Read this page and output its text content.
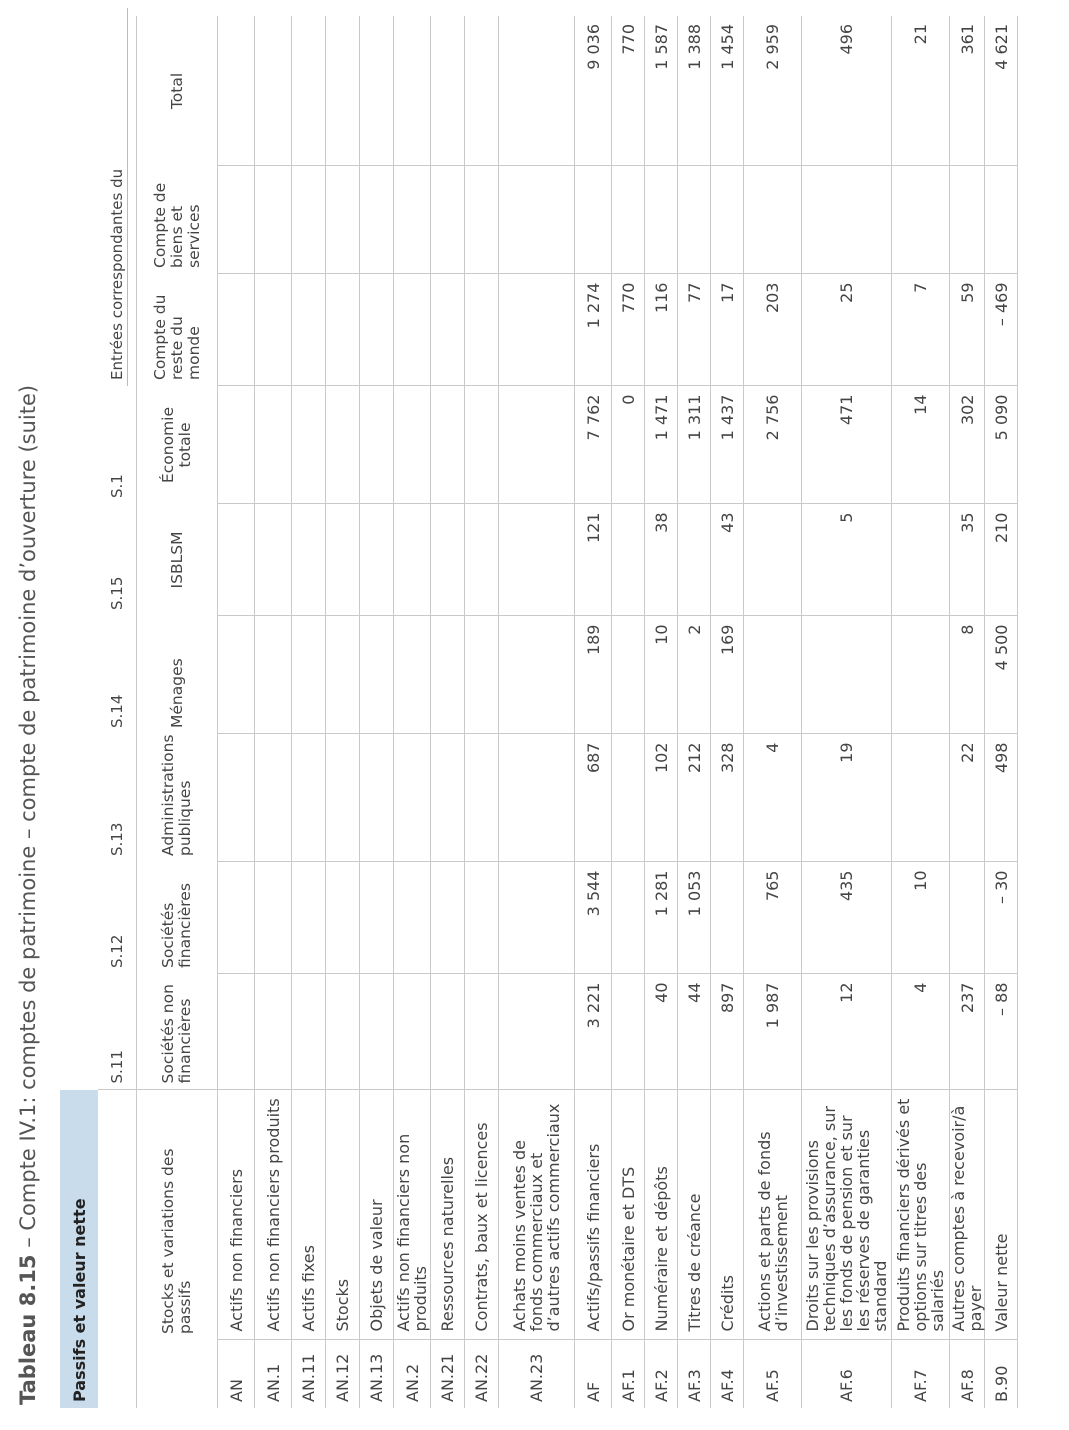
Tableau 8.15 – Compte IV.1: comptes de patrimoine – compte de patrimoine d’ouverture (suite)
Passifs et valeur nette										
		S.11	S.12	S.13	S.14	S.15	S.1	Entrées correspondantes du		

	Stocks et variations des passifs	Sociétés non financières	Sociétés financières	Administrations publiques	Ménages	ISBLSM	Économie totale	Compte du reste du monde	Compte de biens et services	Total
AN	Actifs non financiers									
AN.1	Actifs non financiers produits									
AN.11	Actifs fixes									
AN.12	Stocks									
AN.13	Objets de valeur									
AN.2	Actifs non financiers non produits									
AN.21	Ressources naturelles									
AN.22	Contrats, baux et licences									
AN.23	Achats moins ventes de fonds commerciaux et d’autres actifs commerciaux									
AF	Actifs/passifs financiers	3 221	3 544	687	189	121	7 762	1 274		9 036
AF.1	Or monétaire et DTS						0	770		770
AF.2	Numéraire et dépôts	40	1 281	102	10	38	1 471	116		1 587
AF.3	Titres de créance	44	1 053	212	2		1 311	77		1 388
AF.4	Crédits	897		328	169	43	1 437	17		1 454
AF.5	Actions et parts de fonds d’investissement	1 987	765	4			2 756	203		2 959
AF.6	Droits sur les provisions techniques d’assurance, sur les fonds de pension et sur les réserves de garanties standard	12	435	19		5	471	25		496
AF.7	Produits financiers dérivés et options sur titres des salariés	4	10				14	7		21
AF.8	Autres comptes à recevoir/à payer	237		22	8	35	302	59		361
B.90	Valeur nette	– 88	– 30	498	4 500	210	5 090	– 469		4 621
